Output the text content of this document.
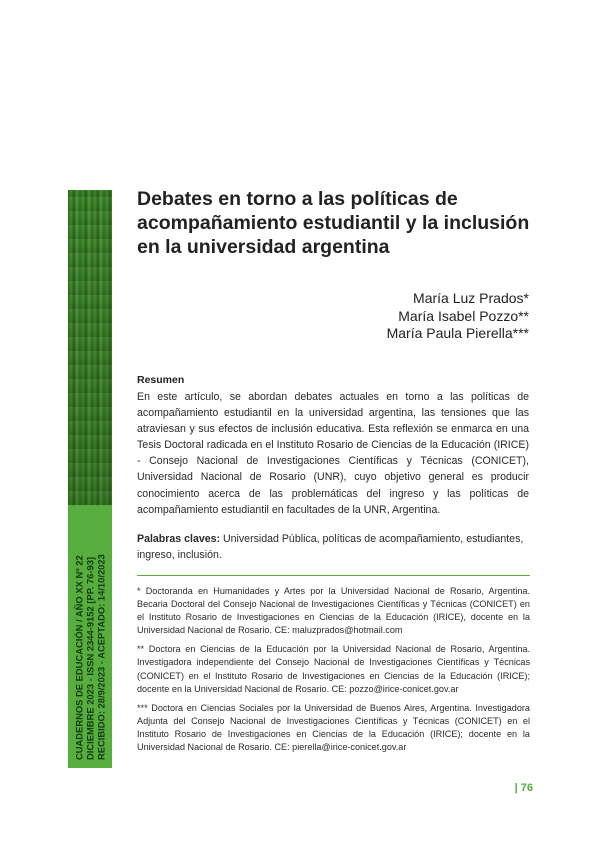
CUADERNOS DE EDUCACIÓN / AÑO XX Nº 22 DICIEMBRE 2023 - ISSN 2344-9152 [PP. 76-93] RECIBIDO: 28/9/2023 - ACEPTADO: 14/10/2023
Debates en torno a las políticas de acompañamiento estudiantil y la inclusión en la universidad argentina
María Luz Prados*
María Isabel Pozzo**
María Paula Pierella***
Resumen
En este artículo, se abordan debates actuales en torno a las políticas de acompañamiento estudiantil en la universidad argentina, las tensiones que las atraviesan y sus efectos de inclusión educativa. Esta reflexión se enmarca en una Tesis Doctoral radicada en el Instituto Rosario de Ciencias de la Educación (IRICE) - Consejo Nacional de Investigaciones Científicas y Técnicas (CONICET), Universidad Nacional de Rosario (UNR), cuyo objetivo general es producir conocimiento acerca de las problemáticas del ingreso y las políticas de acompañamiento estudiantil en facultades de la UNR, Argentina.
Palabras claves: Universidad Pública, políticas de acompañamiento, estudiantes, ingreso, inclusión.
* Doctoranda en Humanidades y Artes por la Universidad Nacional de Rosario, Argentina. Becaria Doctoral del Consejo Nacional de Investigaciones Científicas y Técnicas (CONICET) en el Instituto Rosario de Investigaciones en Ciencias de la Educación (IRICE), docente en la Universidad Nacional de Rosario. CE: maluzprados@hotmail.com
** Doctora en Ciencias de la Educación por la Universidad Nacional de Rosario, Argentina. Investigadora independiente del Consejo Nacional de Investigaciones Científicas y Técnicas (CONICET) en el Instituto Rosario de Investigaciones en Ciencias de la Educación (IRICE); docente en la Universidad Nacional de Rosario. CE: pozzo@irice-conicet.gov.ar
*** Doctora en Ciencias Sociales por la Universidad de Buenos Aires, Argentina. Investigadora Adjunta del Consejo Nacional de Investigaciones Científicas y Técnicas (CONICET) en el Instituto Rosario de Investigaciones en Ciencias de la Educación (IRICE); docente en la Universidad Nacional de Rosario. CE: pierella@irice-conicet.gov.ar
| 76
